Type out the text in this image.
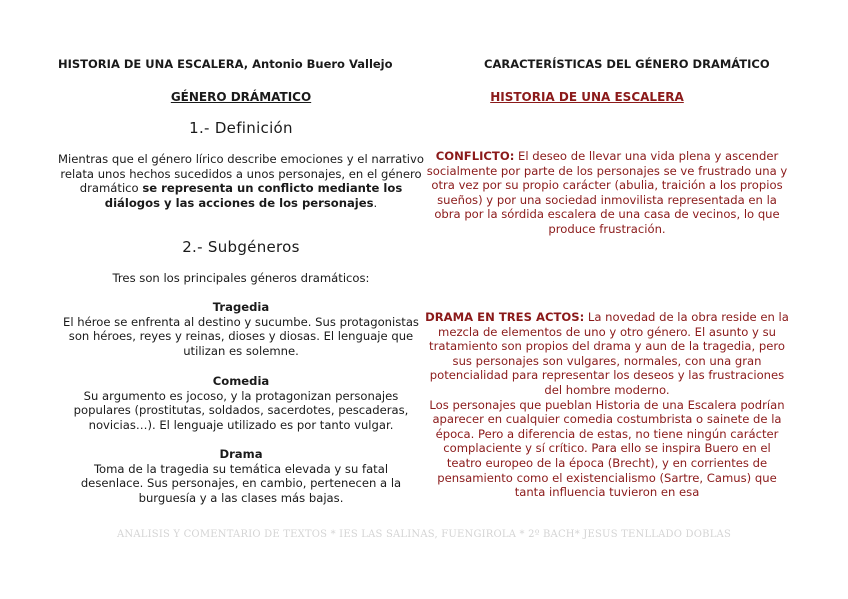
HISTORIA DE UNA ESCALERA, Antonio Buero Vallejo
GÉNERO DRÁMATICO
1.- Definición
Mientras que el género lírico describe emociones y el narrativo relata unos hechos sucedidos a unos personajes, en el género dramático se representa un conflicto mediante los diálogos y las acciones de los personajes.
2.- Subgéneros
Tres son los principales géneros dramáticos:
Tragedia
El héroe se enfrenta al destino y sucumbe. Sus protagonistas son héroes, reyes y reinas, dioses y diosas. El lenguaje que utilizan es solemne.
Comedia
Su argumento es jocoso, y la protagonizan personajes populares (prostitutas, soldados, sacerdotes, pescaderas, novicias…). El lenguaje utilizado es por tanto vulgar.
Drama
Toma de la tragedia su temática elevada y su fatal desenlace. Sus personajes, en cambio, pertenecen a la burguesía y a las clases más bajas.
CARACTERÍSTICAS DEL GÉNERO DRAMÁTICO
HISTORIA DE UNA ESCALERA
CONFLICTO: El deseo de llevar una vida plena y ascender socialmente por parte de los personajes se ve frustrado una y otra vez por su propio carácter (abulia, traición a los propios sueños) y por una sociedad inmovilista representada en la obra por la sórdida escalera de una casa de vecinos, lo que produce frustración.
DRAMA EN TRES ACTOS: La novedad de la obra reside en la mezcla de elementos de uno y otro género. El asunto y su tratamiento son propios del drama y aun de la tragedia, pero sus personajes son vulgares, normales, con una gran potencialidad para representar los deseos y las frustraciones del hombre moderno.
Los personajes que pueblan Historia de una Escalera podrían aparecer en cualquier comedia costumbrista o sainete de la época. Pero a diferencia de estas, no tiene ningún carácter complaciente y sí crítico. Para ello se inspira Buero en el teatro europeo de la época (Brecht), y en corrientes de pensamiento como el existencialismo (Sartre, Camus) que tanta influencia tuvieron en esa
ANALISIS Y COMENTARIO DE TEXTOS * IES LAS SALINAS, FUENGIROLA * 2º BACH* JESUS TENLLADO DOBLAS
